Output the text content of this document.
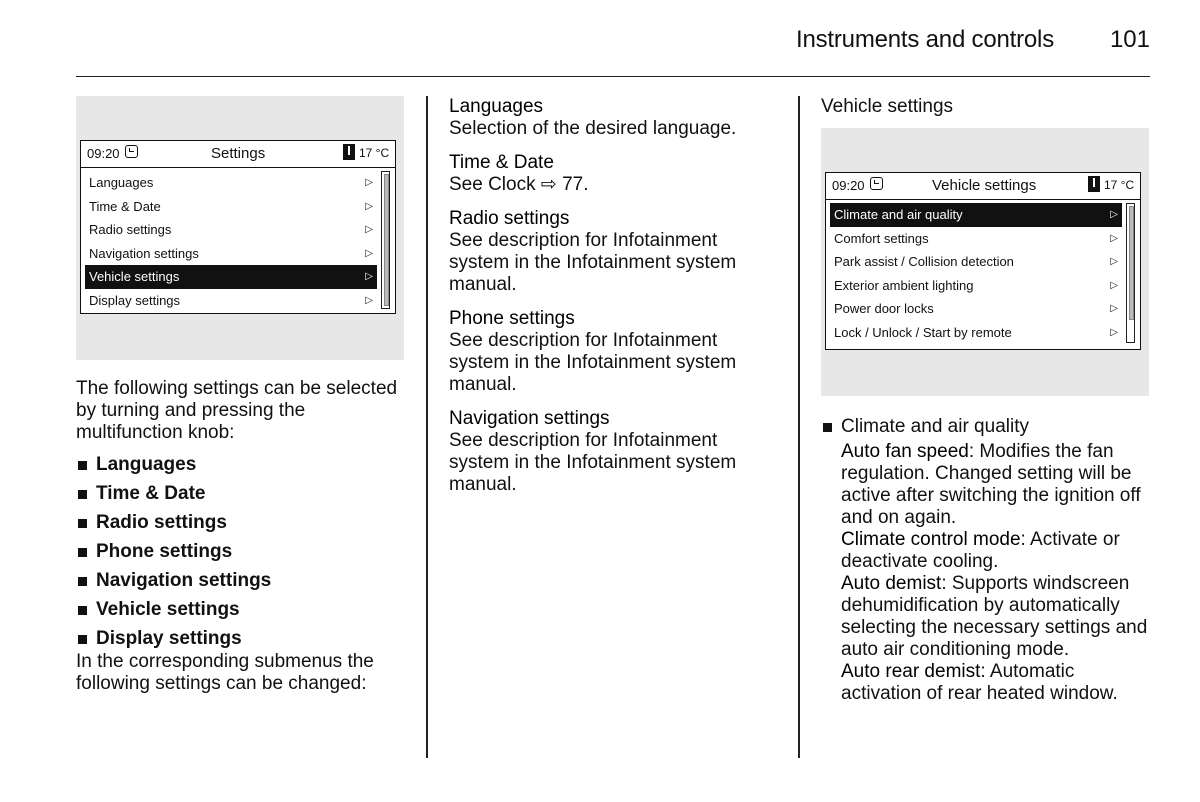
Instruments and controls 101
09:20	Settings	17 °C
Languages	▷
Time & Date	▷
Radio settings	▷
Navigation settings	▷
Vehicle settings	▷
Display settings	▷

The following settings can be selected by turning and pressing the multifunction knob:

Languages
Time & Date
Radio settings
Phone settings
Navigation settings
Vehicle settings
Display settings

In the corresponding submenus the following settings can be changed:

Languages

Selection of the desired language.

Time & Date

See Clock ⇨ 77.

Radio settings

See description for Infotainment system in the Infotainment system manual.

Phone settings

See description for Infotainment system in the Infotainment system manual.

Navigation settings

See description for Infotainment system in the Infotainment system manual.

Vehicle settings

09:20	Vehicle settings	17 °C
Climate and air quality	▷
Comfort settings	▷
Park assist / Collision detection	▷
Exterior ambient lighting	▷
Power door locks	▷
Lock / Unlock / Start by remote	▷
Climate and air quality

Auto fan speed: Modifies the fan regulation. Changed setting will be active after switching the ignition off and on again.

Climate control mode: Activate or deactivate cooling.

Auto demist: Supports windscreen dehumidification by automatically selecting the necessary settings and auto air conditioning mode.

Auto rear demist: Automatic activation of rear heated window.
